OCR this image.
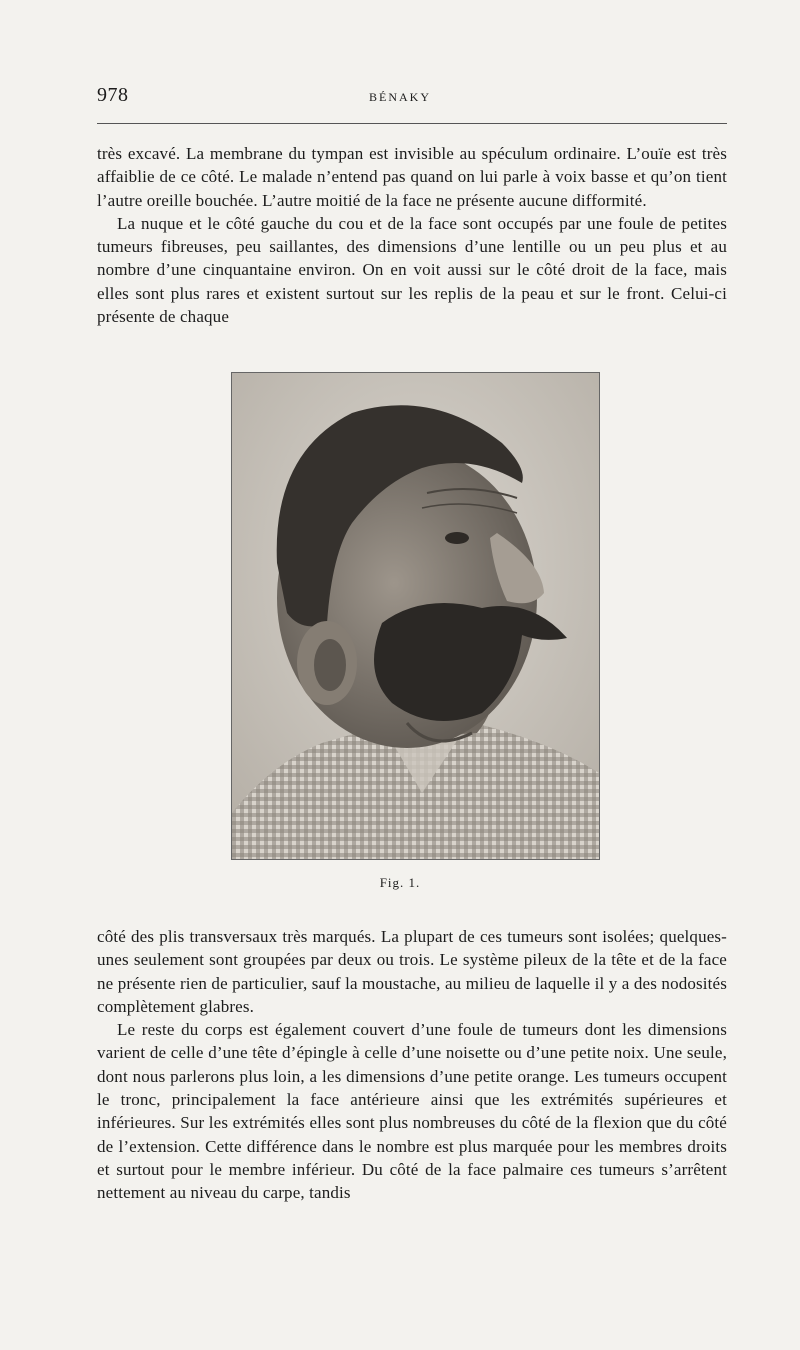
978	BÉNAKY

très excavé. La membrane du tympan est invisible au spéculum ordinaire. L’ouïe est très affaiblie de ce côté. Le malade n’entend pas quand on lui parle à voix basse et qu’on tient l’autre oreille bouchée. L’autre moitié de la face ne présente aucune difformité.

La nuque et le côté gauche du cou et de la face sont occupés par une foule de petites tumeurs fibreuses, peu saillantes, des dimensions d’une lentille ou un peu plus et au nombre d’une cinquantaine environ. On en voit aussi sur le côté droit de la face, mais elles sont plus rares et existent surtout sur les replis de la peau et sur le front. Celui-ci présente de chaque

Fig. 1.

côté des plis transversaux très marqués. La plupart de ces tumeurs sont isolées; quelques-unes seulement sont groupées par deux ou trois. Le système pileux de la tête et de la face ne présente rien de particulier, sauf la moustache, au milieu de laquelle il y a des nodosités complètement glabres.

Le reste du corps est également couvert d’une foule de tumeurs dont les dimensions varient de celle d’une tête d’épingle à celle d’une noisette ou d’une petite noix. Une seule, dont nous parlerons plus loin, a les dimensions d’une petite orange. Les tumeurs occupent le tronc, principalement la face antérieure ainsi que les extrémités supérieures et inférieures. Sur les extrémités elles sont plus nombreuses du côté de la flexion que du côté de l’extension. Cette différence dans le nombre est plus marquée pour les membres droits et surtout pour le membre inférieur. Du côté de la face palmaire ces tumeurs s’arrêtent nettement au niveau du carpe, tandis
